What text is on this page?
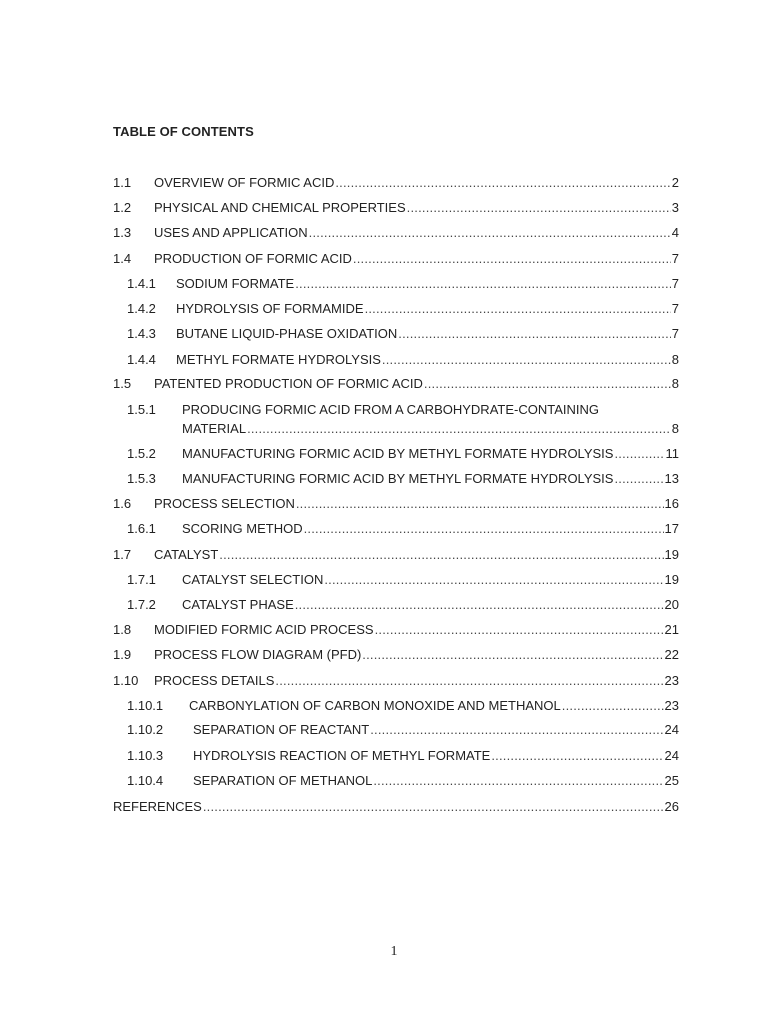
TABLE OF CONTENTS
1.1	OVERVIEW OF FORMIC ACID .....	2
1.2	PHYSICAL AND CHEMICAL PROPERTIES .....	3
1.3	USES AND APPLICATION .....	4
1.4	PRODUCTION OF FORMIC ACID .....	7
1.4.1	SODIUM FORMATE .....	7
1.4.2	HYDROLYSIS OF FORMAMIDE .....	7
1.4.3	BUTANE LIQUID-PHASE OXIDATION .....	7
1.4.4	METHYL FORMATE HYDROLYSIS .....	8
1.5	PATENTED PRODUCTION OF FORMIC ACID .....	8
1.5.1	PRODUCING FORMIC ACID FROM A CARBOHYDRATE-CONTAINING
MATERIAL .....	8
1.5.2	MANUFACTURING FORMIC ACID BY METHYL FORMATE HYDROLYSIS .....	11
1.5.3	MANUFACTURING FORMIC ACID BY METHYL FORMATE HYDROLYSIS .....	13
1.6	PROCESS SELECTION .....	16
1.6.1	SCORING METHOD .....	17
1.7	CATALYST .....	19
1.7.1	CATALYST SELECTION .....	19
1.7.2	CATALYST PHASE .....	20
1.8	MODIFIED FORMIC ACID PROCESS .....	21
1.9	PROCESS FLOW DIAGRAM (PFD) .....	22
1.10	PROCESS DETAILS .....	23
1.10.1	CARBONYLATION OF CARBON MONOXIDE AND METHANOL .....	23
1.10.2	SEPARATION OF REACTANT .....	24
1.10.3	HYDROLYSIS REACTION OF METHYL FORMATE .....	24
1.10.4	SEPARATION OF METHANOL .....	25
REFERENCES .....	26
1
